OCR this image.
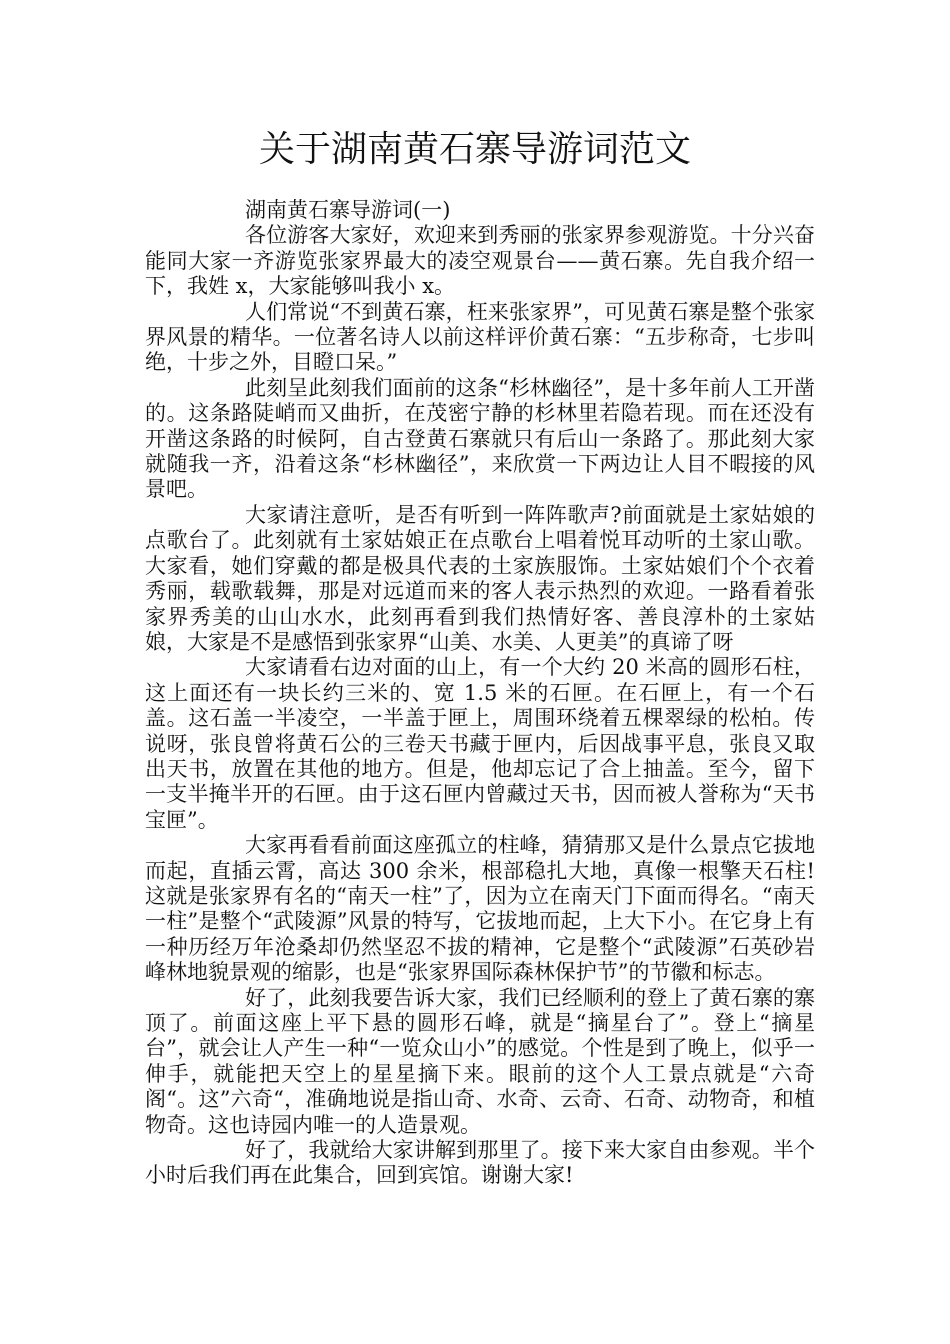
关于湖南黄石寨导游词范文

湖南黄石寨导游词(一)

各位游客大家好，欢迎来到秀丽的张家界参观游览。十分兴奋能同大家一齐游览张家界最大的凌空观景台——黄石寨。先自我介绍一下，我姓 x，大家能够叫我小 x。

人们常说“不到黄石寨，枉来张家界”，可见黄石寨是整个张家界风景的精华。一位著名诗人以前这样评价黄石寨：“五步称奇，七步叫绝，十步之外，目瞪口呆。”

此刻呈此刻我们面前的这条“杉林幽径”，是十多年前人工开凿的。这条路陡峭而又曲折，在茂密宁静的杉林里若隐若现。而在还没有开凿这条路的时候阿，自古登黄石寨就只有后山一条路了。那此刻大家就随我一齐，沿着这条“杉林幽径”，来欣赏一下两边让人目不暇接的风景吧。

大家请注意听，是否有听到一阵阵歌声?前面就是土家姑娘的点歌台了。此刻就有土家姑娘正在点歌台上唱着悦耳动听的土家山歌。大家看，她们穿戴的都是极具代表的土家族服饰。土家姑娘们个个衣着秀丽，载歌载舞，那是对远道而来的客人表示热烈的欢迎。一路看着张家界秀美的山山水水，此刻再看到我们热情好客、善良淳朴的土家姑娘，大家是不是感悟到张家界“山美、水美、人更美”的真谛了呀

大家请看右边对面的山上，有一个大约 20 米高的圆形石柱，这上面还有一块长约三米的、宽 1.5 米的石匣。在石匣上，有一个石盖。这石盖一半凌空，一半盖于匣上，周围环绕着五棵翠绿的松柏。传说呀，张良曾将黄石公的三卷天书藏于匣内，后因战事平息，张良又取出天书，放置在其他的地方。但是，他却忘记了合上抽盖。至今，留下一支半掩半开的石匣。由于这石匣内曾藏过天书，因而被人誉称为“天书宝匣”。

大家再看看前面这座孤立的柱峰，猜猜那又是什么景点它拔地而起，直插云霄，高达 300 余米，根部稳扎大地，真像一根擎天石柱!这就是张家界有名的“南天一柱”了，因为立在南天门下面而得名。“南天一柱”是整个“武陵源”风景的特写，它拔地而起，上大下小。在它身上有一种历经万年沧桑却仍然坚忍不拔的精神，它是整个“武陵源”石英砂岩峰林地貌景观的缩影，也是“张家界国际森林保护节”的节徽和标志。

好了，此刻我要告诉大家，我们已经顺利的登上了黄石寨的寨顶了。前面这座上平下悬的圆形石峰，就是“摘星台了”。登上“摘星台”，就会让人产生一种“一览众山小”的感觉。个性是到了晚上，似乎一伸手，就能把天空上的星星摘下来。眼前的这个人工景点就是“六奇阁“。这”六奇“，准确地说是指山奇、水奇、云奇、石奇、动物奇，和植物奇。这也诗园内唯一的人造景观。

好了，我就给大家讲解到那里了。接下来大家自由参观。半个小时后我们再在此集合，回到宾馆。谢谢大家!
